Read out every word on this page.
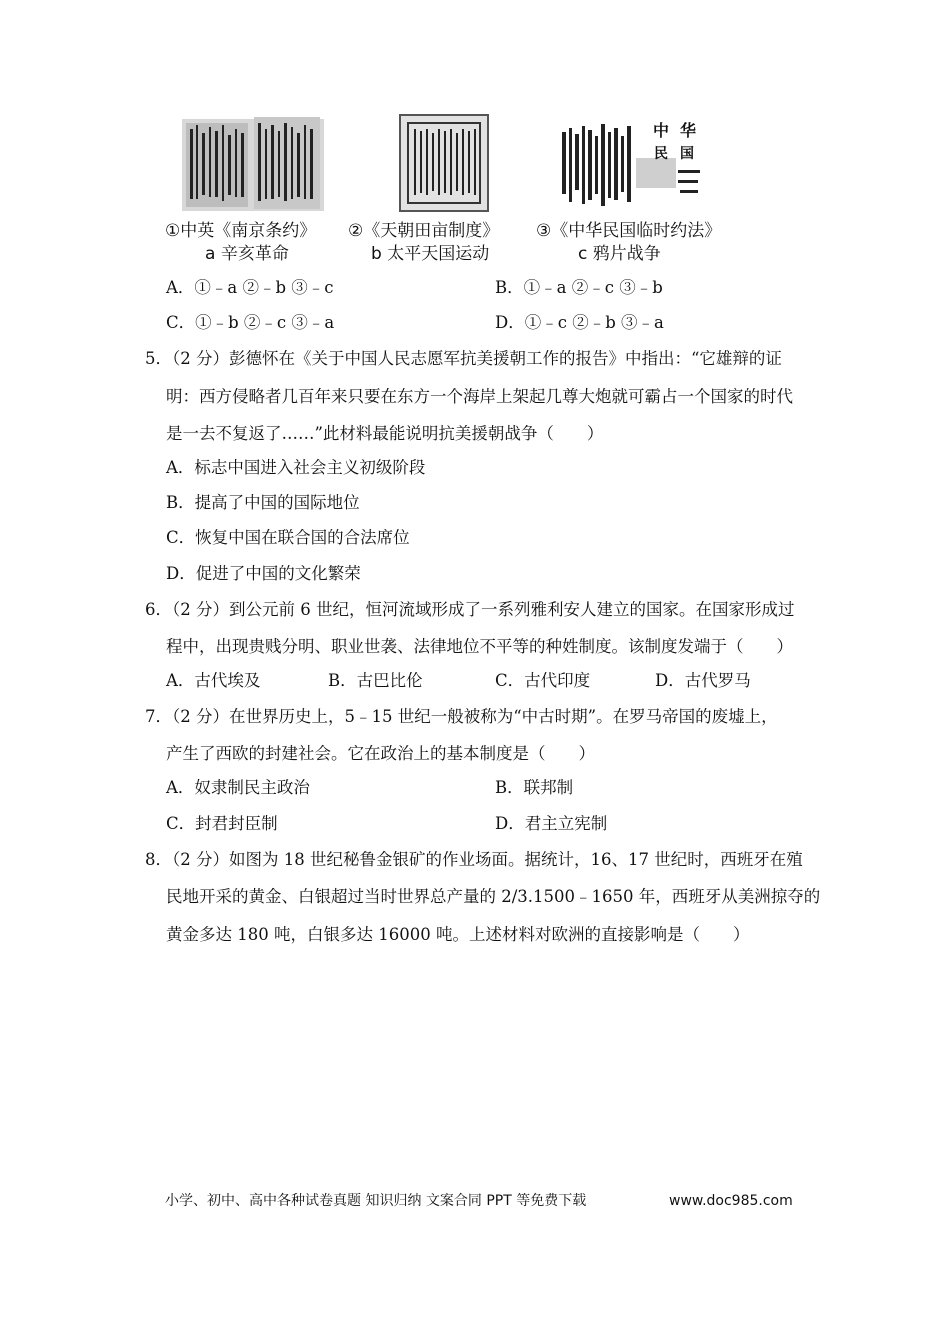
中 华
民 国
①中英《南京条约》
a 辛亥革命
②《天朝田亩制度》
b 太平天国运动
③《中华民国临时约法》
c 鸦片战争
A．①﹣a ②﹣b ③﹣c	B．①﹣a ②﹣c ③﹣b
C．①﹣b ②﹣c ③﹣a	D．①﹣c ②﹣b ③﹣a
5．（2 分）彭德怀在《关于中国人民志愿军抗美援朝工作的报告》中指出：“它雄辩的证
明：西方侵略者几百年来只要在东方一个海岸上架起几尊大炮就可霸占一个国家的时代
是一去不复返了……”此材料最能说明抗美援朝战争（　　）
A．标志中国进入社会主义初级阶段
B．提高了中国的国际地位
C．恢复中国在联合国的合法席位
D．促进了中国的文化繁荣
6．（2 分）到公元前 6 世纪，恒河流域形成了一系列雅利安人建立的国家。在国家形成过
程中，出现贵贱分明、职业世袭、法律地位不平等的种姓制度。该制度发端于（　　）
A．古代埃及	B．古巴比伦	C．古代印度	D．古代罗马
7．（2 分）在世界历史上，5﹣15 世纪一般被称为“中古时期”。在罗马帝国的废墟上，
产生了西欧的封建社会。它在政治上的基本制度是（　　）
A．奴隶制民主政治	B．联邦制
C．封君封臣制	D．君主立宪制
8．（2 分）如图为 18 世纪秘鲁金银矿的作业场面。据统计，16、17 世纪时，西班牙在殖
民地开采的黄金、白银超过当时世界总产量的 2/3.1500﹣1650 年，西班牙从美洲掠夺的
黄金多达 180 吨，白银多达 16000 吨。上述材料对欧洲的直接影响是（　　）
小学、初中、高中各种试卷真题 知识归纳 文案合同 PPT 等免费下载	www.doc985.com
